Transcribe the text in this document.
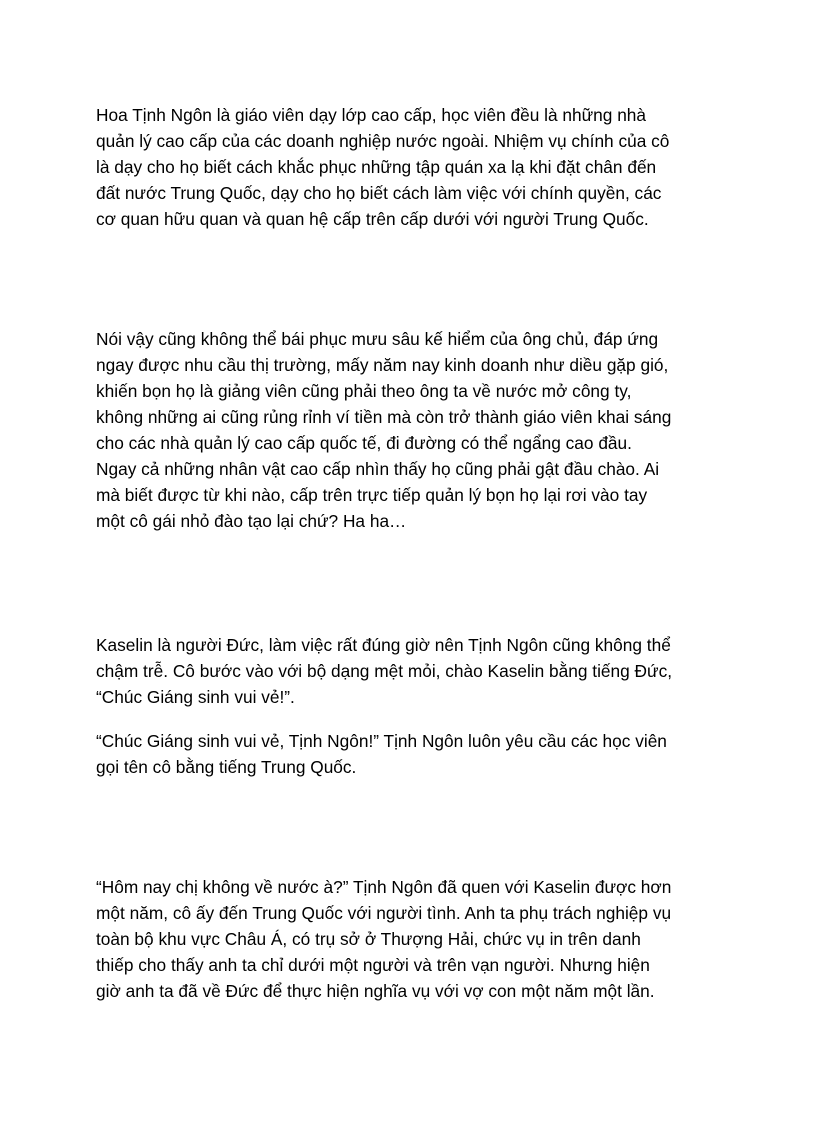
Hoa Tịnh Ngôn là giáo viên dạy lớp cao cấp, học viên đều là những nhà
quản lý cao cấp của các doanh nghiệp nước ngoài. Nhiệm vụ chính của cô
là dạy cho họ biết cách khắc phục những tập quán xa lạ khi đặt chân đến
đất nước Trung Quốc, dạy cho họ biết cách làm việc với chính quyền, các
cơ quan hữu quan và quan hệ cấp trên cấp dưới với người Trung Quốc.

Nói vậy cũng không thể bái phục mưu sâu kế hiểm của ông chủ, đáp ứng
ngay được nhu cầu thị trường, mấy năm nay kinh doanh như diều gặp gió,
khiến bọn họ là giảng viên cũng phải theo ông ta về nước mở công ty,
không những ai cũng rủng rỉnh ví tiền mà còn trở thành giáo viên khai sáng
cho các nhà quản lý cao cấp quốc tế, đi đường có thể ngẩng cao đầu.
Ngay cả những nhân vật cao cấp nhìn thấy họ cũng phải gật đầu chào. Ai
mà biết được từ khi nào, cấp trên trực tiếp quản lý bọn họ lại rơi vào tay
một cô gái nhỏ đào tạo lại chứ? Ha ha…

Kaselin là người Đức, làm việc rất đúng giờ nên Tịnh Ngôn cũng không thể
chậm trễ. Cô bước vào với bộ dạng mệt mỏi, chào Kaselin bằng tiếng Đức,
“Chúc Giáng sinh vui vẻ!”.

“Chúc Giáng sinh vui vẻ, Tịnh Ngôn!” Tịnh Ngôn luôn yêu cầu các học viên
gọi tên cô bằng tiếng Trung Quốc.

“Hôm nay chị không về nước à?” Tịnh Ngôn đã quen với Kaselin được hơn
một năm, cô ấy đến Trung Quốc với người tình. Anh ta phụ trách nghiệp vụ
toàn bộ khu vực Châu Á, có trụ sở ở Thượng Hải, chức vụ in trên danh
thiếp cho thấy anh ta chỉ dưới một người và trên vạn người. Nhưng hiện
giờ anh ta đã về Đức để thực hiện nghĩa vụ với vợ con một năm một lần.
